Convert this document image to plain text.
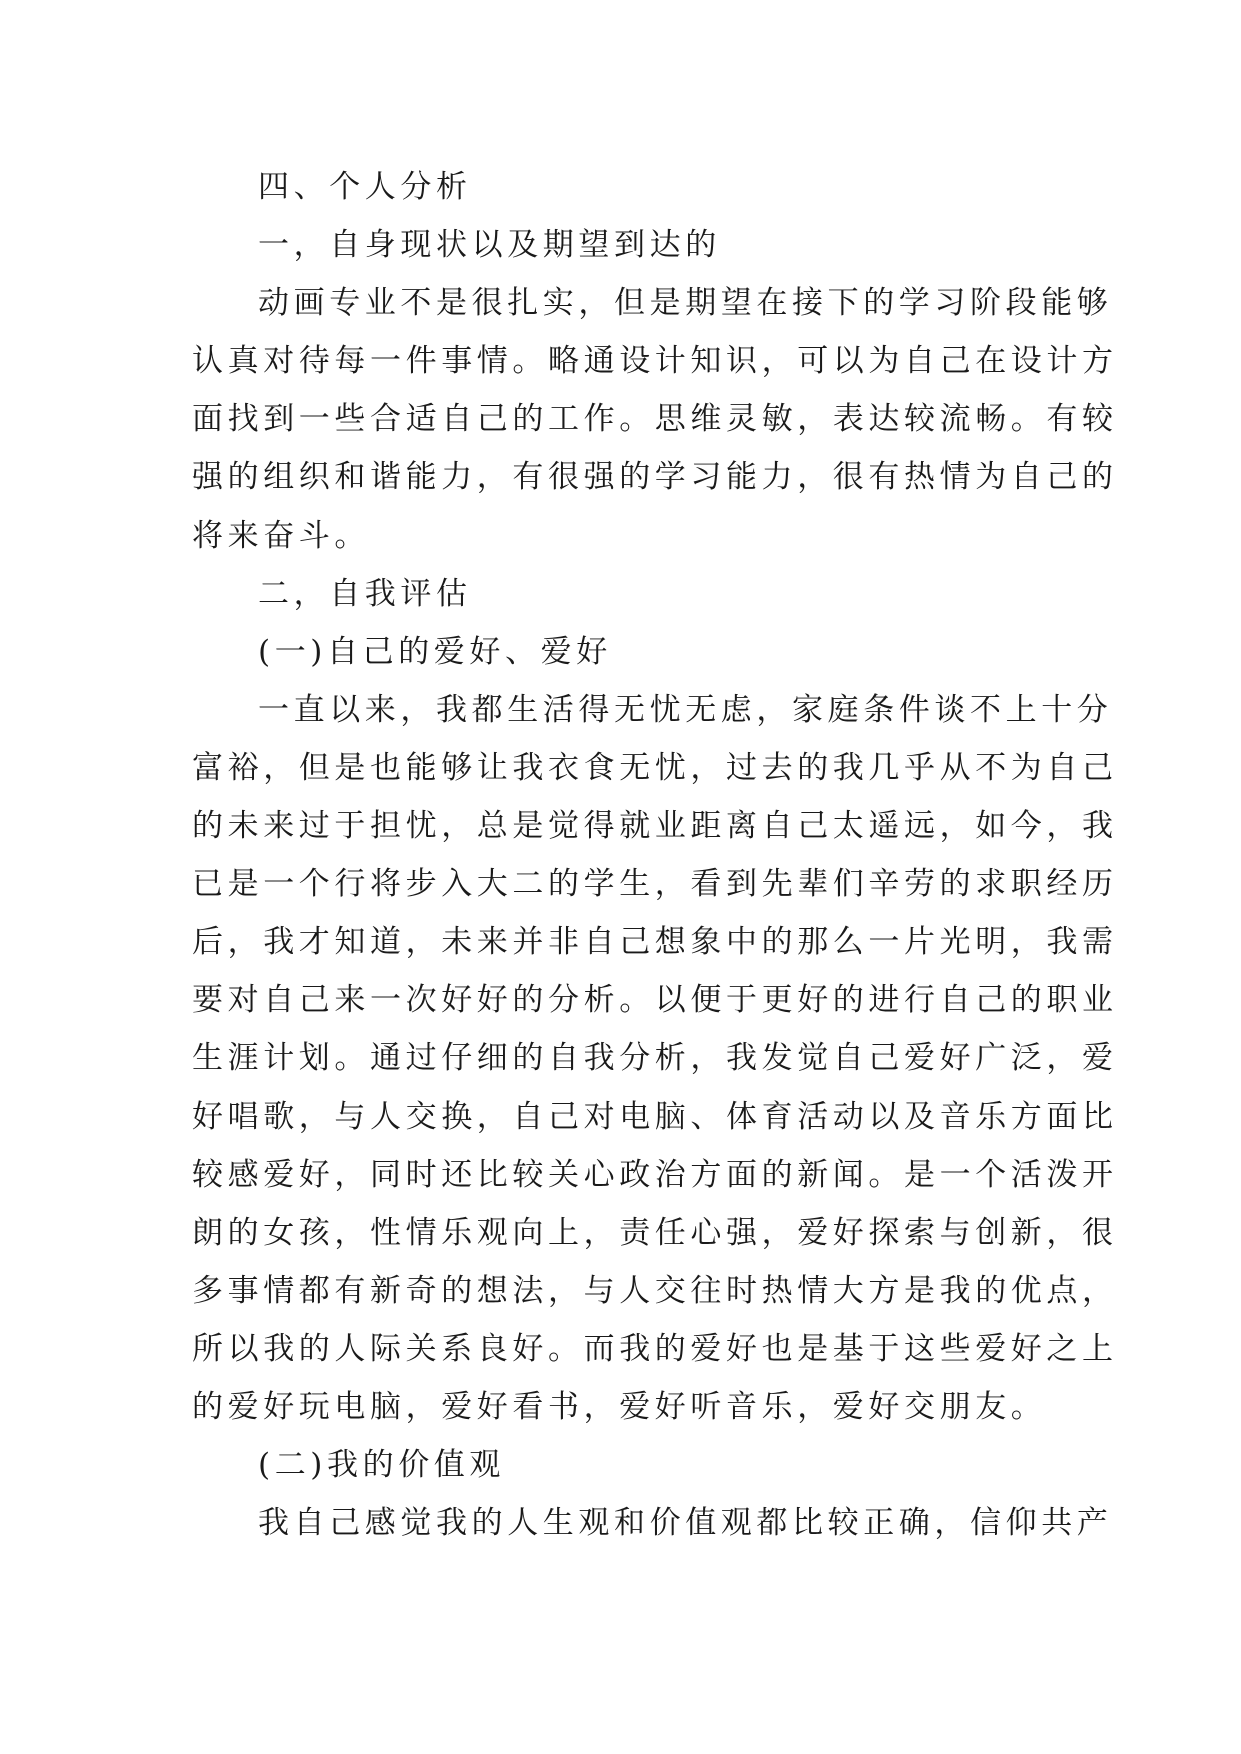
四、个人分析
一，自身现状以及期望到达的
动画专业不是很扎实，但是期望在接下的学习阶段能够
认真对待每一件事情。略通设计知识，可以为自己在设计方
面找到一些合适自己的工作。思维灵敏，表达较流畅。有较
强的组织和谐能力，有很强的学习能力，很有热情为自己的
将来奋斗。
二，自我评估
(一)自己的爱好、爱好
一直以来，我都生活得无忧无虑，家庭条件谈不上十分
富裕，但是也能够让我衣食无忧，过去的我几乎从不为自己
的未来过于担忧，总是觉得就业距离自己太遥远，如今，我
已是一个行将步入大二的学生，看到先辈们辛劳的求职经历
后，我才知道，未来并非自己想象中的那么一片光明，我需
要对自己来一次好好的分析。以便于更好的进行自己的职业
生涯计划。通过仔细的自我分析，我发觉自己爱好广泛，爱
好唱歌，与人交换，自己对电脑、体育活动以及音乐方面比
较感爱好，同时还比较关心政治方面的新闻。是一个活泼开
朗的女孩，性情乐观向上，责任心强，爱好探索与创新，很
多事情都有新奇的想法，与人交往时热情大方是我的优点，
所以我的人际关系良好。而我的爱好也是基于这些爱好之上
的爱好玩电脑，爱好看书，爱好听音乐，爱好交朋友。
(二)我的价值观
我自己感觉我的人生观和价值观都比较正确，信仰共产
